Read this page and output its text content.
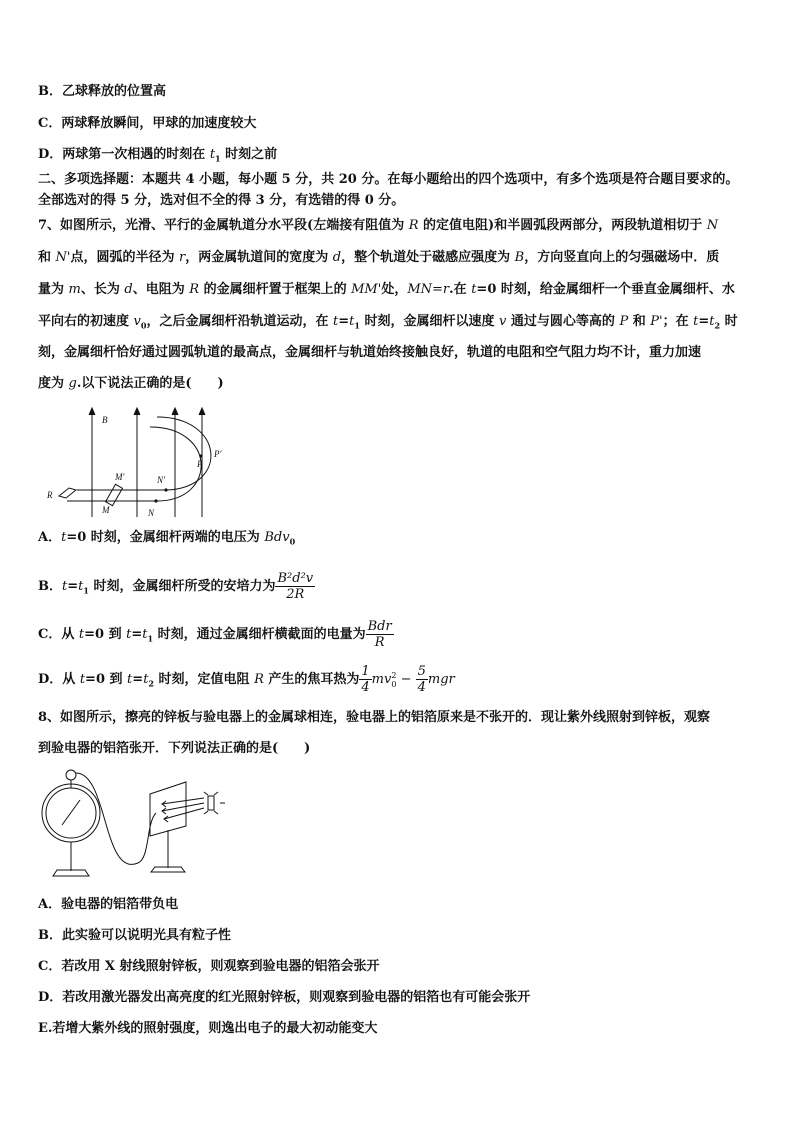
B．乙球释放的位置高
C．两球释放瞬间，甲球的加速度较大
D．两球第一次相遇的时刻在 $t_1$ 时刻之前
二、多项选择题：本题共 4 小题，每小题 5 分，共 20 分。在每小题给出的四个选项中，有多个选项是符合题目要求的。
全部选对的得 5 分，选对但不全的得 3 分，有选错的得 0 分。
7、如图所示，光滑、平行的金属轨道分水平段(左端接有阻值为 R 的定值电阻)和半圆弧段两部分，两段轨道相切于 N
和 N'点，圆弧的半径为 r，两金属轨道间的宽度为 d，整个轨道处于磁感应强度为 B，方向竖直向上的匀强磁场中．质
量为 m、长为 d、电阻为 R 的金属细杆置于框架上的 MM'处，MN=r.在 t=0 时刻，给金属细杆一个垂直金属细杆、水
平向右的初速度 $v_0$，之后金属细杆沿轨道运动，在 $t=t_1$ 时刻，金属细杆以速度 v 通过与圆心等高的 P 和 P'；在 $t=t_2$ 时
刻，金属细杆恰好通过圆弧轨道的最高点，金属细杆与轨道始终接触良好，轨道的电阻和空气阻力均不计，重力加速
度为 g.以下说法正确的是(　　)
B
R
M
M'
N
N'
P
P'
A．t=0 时刻，金属细杆两端的电压为 Bdv$_0$
B．$t=t_1$ 时刻，金属细杆所受的安培力为 $\frac{\text{B²d²v}}{2R}$
C．从 t=0 到 $t=t_1$ 时刻，通过金属细杆横截面的电量为 $\frac{\text{Bdr}}{R}$
D．从 t=0 到 $t=t_2$ 时刻，定值电阻 R 产生的焦耳热为 $\frac{1}{4}$ mv 2
$0 - \frac{5}{4}$ mgr
8、如图所示，擦亮的锌板与验电器上的金属球相连，验电器上的铝箔原来是不张开的．现让紫外线照射到锌板，观察
到验电器的铝箔张开．下列说法正确的是(　　)
A．验电器的铝箔带负电
B．此实验可以说明光具有粒子性
C．若改用 X 射线照射锌板，则观察到验电器的铝箔会张开
D．若改用激光器发出高亮度的红光照射锌板，则观察到验电器的铝箔也有可能会张开
E.若增大紫外线的照射强度，则逸出电子的最大初动能变大
